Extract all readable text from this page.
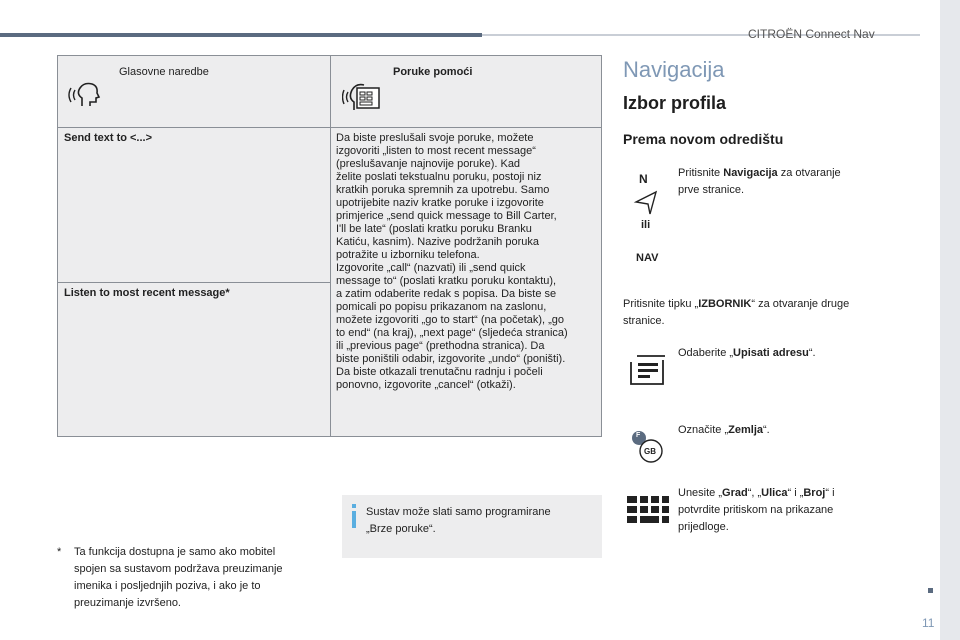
CITROËN Connect Nav
Glasovne naredbe	Poruke pomoći
Send text to <...>
Listen to most recent message*
Da biste preslušali svoje poruke, možete
izgovoriti „listen to most recent message“
(preslušavanje najnovije poruke). Kad
želite poslati tekstualnu poruku, postoji niz
kratkih poruka spremnih za upotrebu. Samo
upotrijebite naziv kratke poruke i izgovorite
primjerice „send quick message to Bill Carter,
I'll be late“ (poslati kratku poruku Branku
Katiću, kasnim). Nazive podržanih poruka
potražite u izborniku telefona.
Izgovorite „call“ (nazvati) ili „send quick
message to“ (poslati kratku poruku kontaktu),
a zatim odaberite redak s popisa. Da biste se
pomicali po popisu prikazanom na zaslonu,
možete izgovoriti „go to start“ (na početak), „go
to end“ (na kraj), „next page“ (sljedeća stranica)
ili „previous page“ (prethodna stranica). Da
biste poništili odabir, izgovorite „undo“ (poništi).
Da biste otkazali trenutačnu radnju i počeli
ponovno, izgovorite „cancel“ (otkaži).
* Ta funkcija dostupna je samo ako mobitel
spojen sa sustavom podržava preuzimanje
imenika i posljednjih poziva, i ako je to
preuzimanje izvršeno.
Sustav može slati samo programirane
„Brze poruke“.
Navigacija
Izbor profila
Prema novom odredištu
N
ili
NAV
Pritisnite Navigacija za otvaranje
prve stranice.
Pritisnite tipku „IZBORNIK“ za otvaranje druge
stranice.
Odaberite „Upisati adresu“.
F
GB
Označite „Zemlja“.
Unesite „Grad“, „Ulica“ i „Broj“ i
potvrdite pritiskom na prikazane
prijedloge.
11
